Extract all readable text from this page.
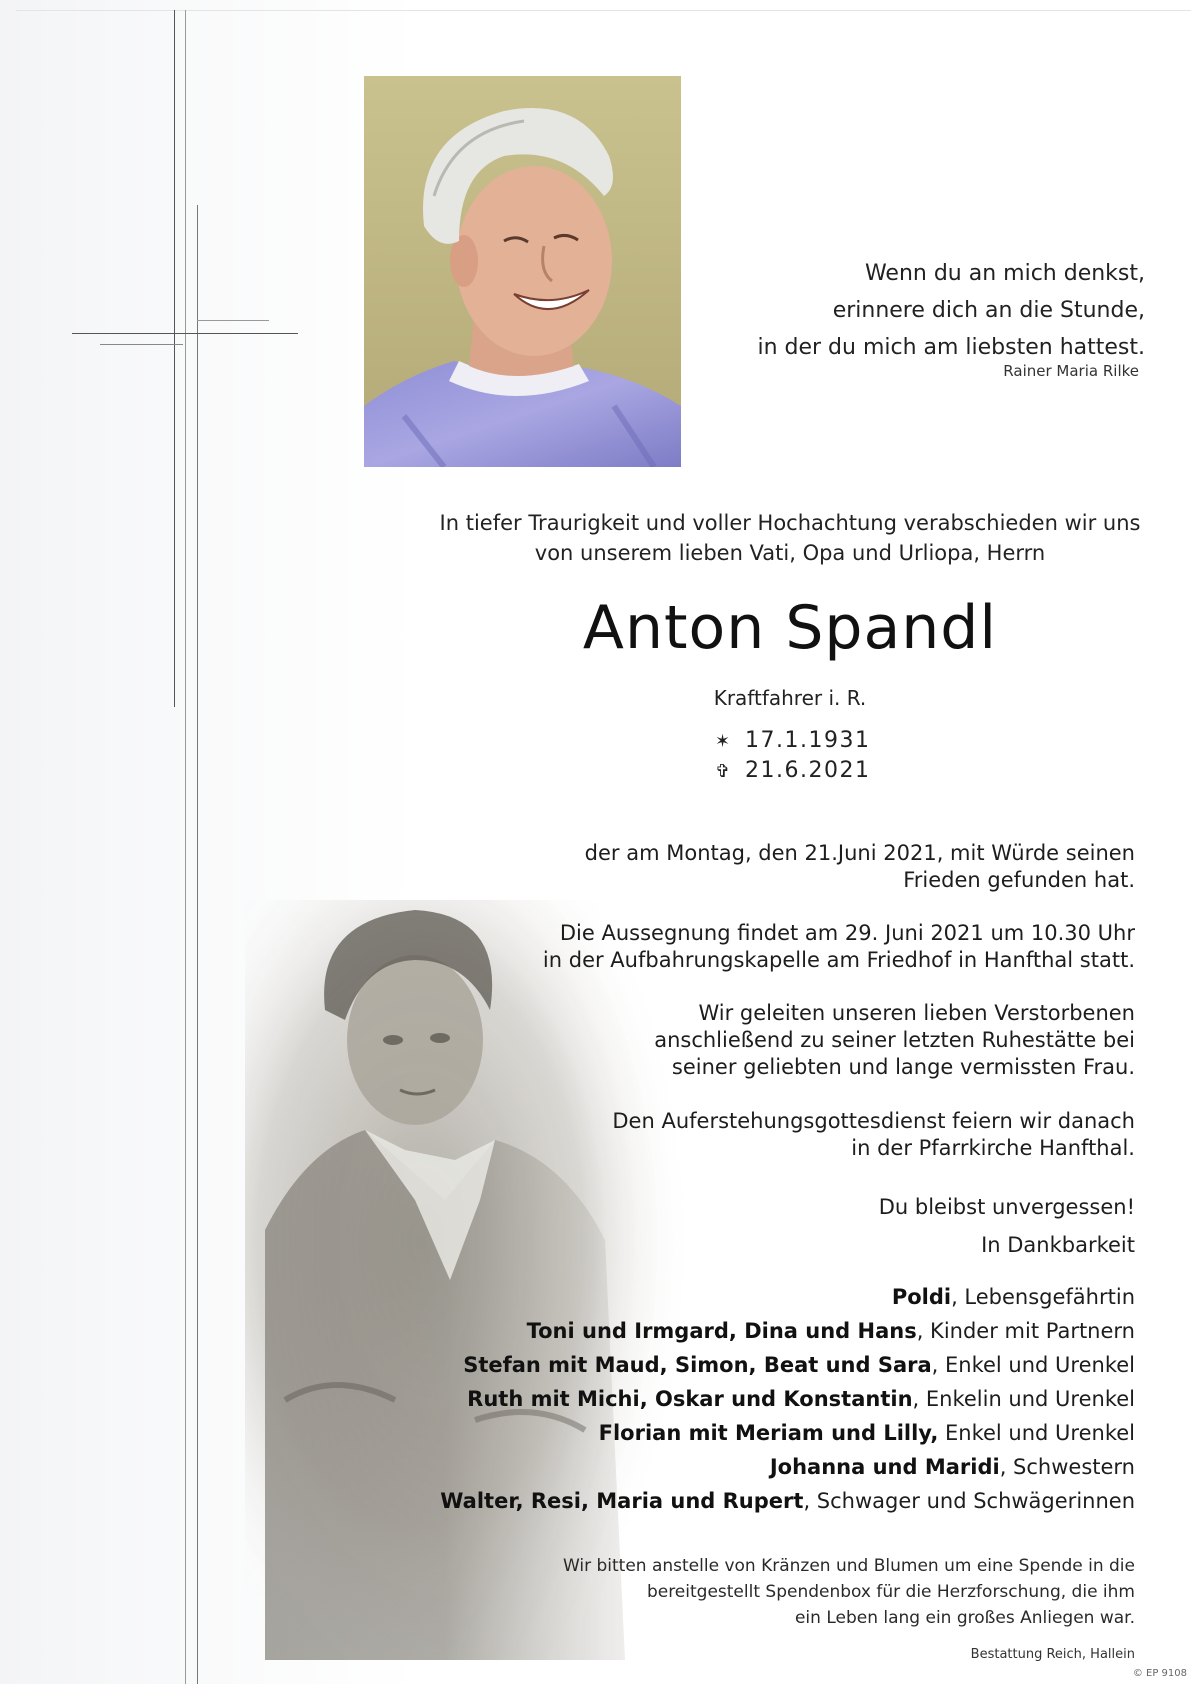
Wenn du an mich denkst,
erinnere dich an die Stunde,
in der du mich am liebsten hattest.
Rainer Maria Rilke
In tiefer Traurigkeit und voller Hochachtung verabschieden wir uns
von unserem lieben Vati, Opa und Urliopa, Herrn
Anton Spandl
Kraftfahrer i. R.
✶ 17.1.1931
✞ 21.6.2021
der am Montag, den 21.Juni 2021, mit Würde seinen
Frieden gefunden hat.
Die Aussegnung findet am 29. Juni 2021 um 10.30 Uhr
in der Aufbahrungskapelle am Friedhof in Hanfthal statt.
Wir geleiten unseren lieben Verstorbenen
anschließend zu seiner letzten Ruhestätte bei
seiner geliebten und lange vermissten Frau.
Den Auferstehungsgottesdienst feiern wir danach
in der Pfarrkirche Hanfthal.
Du bleibst unvergessen!
In Dankbarkeit
Poldi, Lebensgefährtin
Toni und Irmgard, Dina und Hans, Kinder mit Partnern
Stefan mit Maud, Simon, Beat und Sara, Enkel und Urenkel
Ruth mit Michi, Oskar und Konstantin, Enkelin und Urenkel
Florian mit Meriam und Lilly, Enkel und Urenkel
Johanna und Maridi, Schwestern
Walter, Resi, Maria und Rupert, Schwager und Schwägerinnen
Wir bitten anstelle von Kränzen und Blumen um eine Spende in die
bereitgestellt Spendenbox für die Herzforschung, die ihm
ein Leben lang ein großes Anliegen war.
Bestattung Reich, Hallein
© EP 9108
